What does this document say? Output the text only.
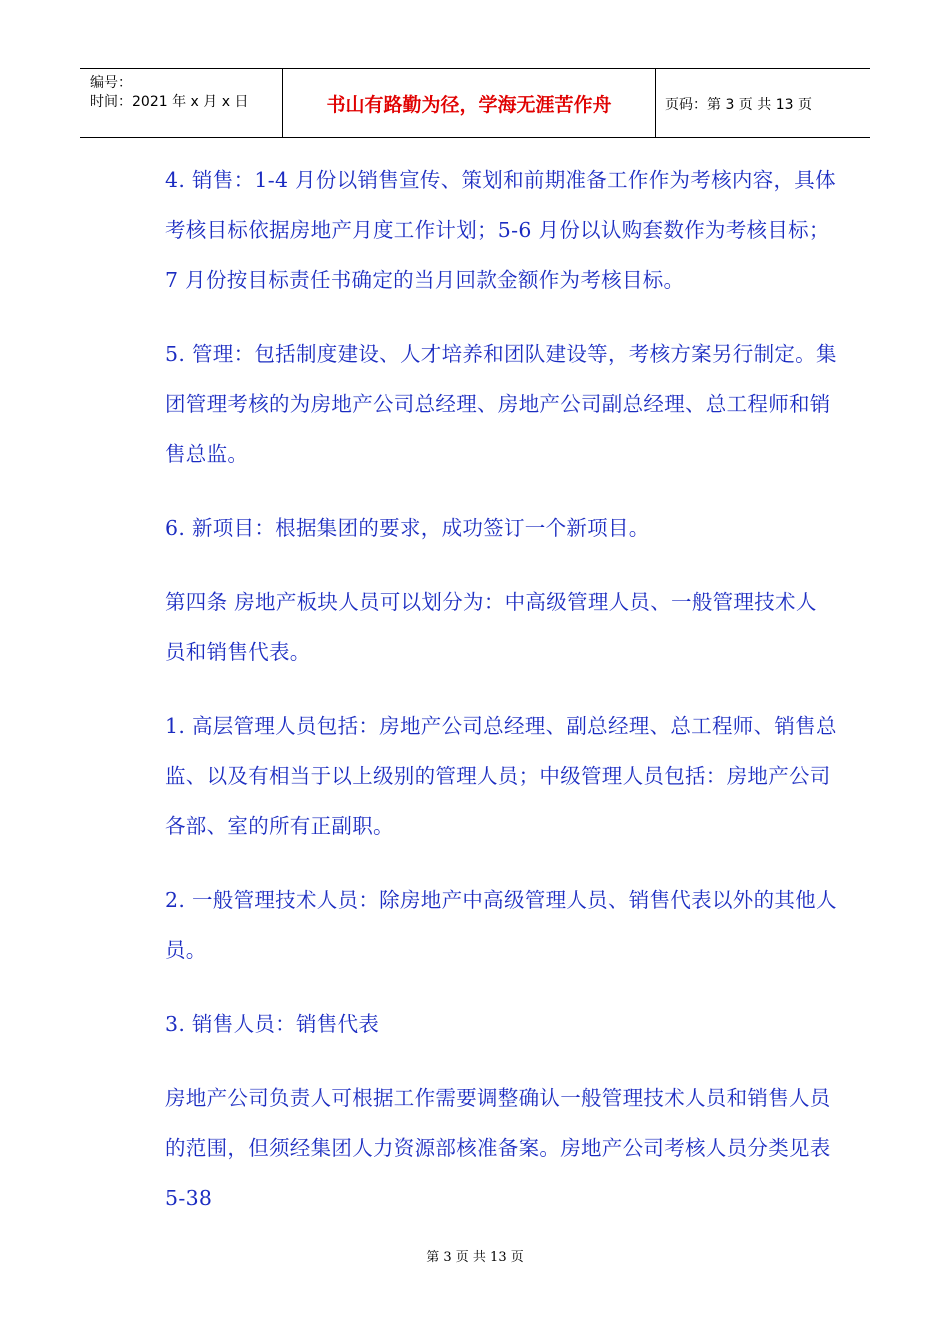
编号：
时间：2021 年 x 月 x 日	书山有路勤为径，学海无涯苦作舟	页码：第 3 页 共 13 页

4. 销售：1-4 月份以销售宣传、策划和前期准备工作作为考核内容，具体考核目标依据房地产月度工作计划；5-6 月份以认购套数作为考核目标；7 月份按目标责任书确定的当月回款金额作为考核目标。

5. 管理：包括制度建设、人才培养和团队建设等，考核方案另行制定。集团管理考核的为房地产公司总经理、房地产公司副总经理、总工程师和销售总监。

6. 新项目：根据集团的要求，成功签订一个新项目。

第四条 房地产板块人员可以划分为：中高级管理人员、一般管理技术人员和销售代表。

1. 高层管理人员包括：房地产公司总经理、副总经理、总工程师、销售总监、以及有相当于以上级别的管理人员；中级管理人员包括：房地产公司各部、室的所有正副职。

2. 一般管理技术人员：除房地产中高级管理人员、销售代表以外的其他人员。

3. 销售人员：销售代表

房地产公司负责人可根据工作需要调整确认一般管理技术人员和销售人员的范围，但须经集团人力资源部核准备案。房地产公司考核人员分类见表 5-38

第 3 页 共 13 页
